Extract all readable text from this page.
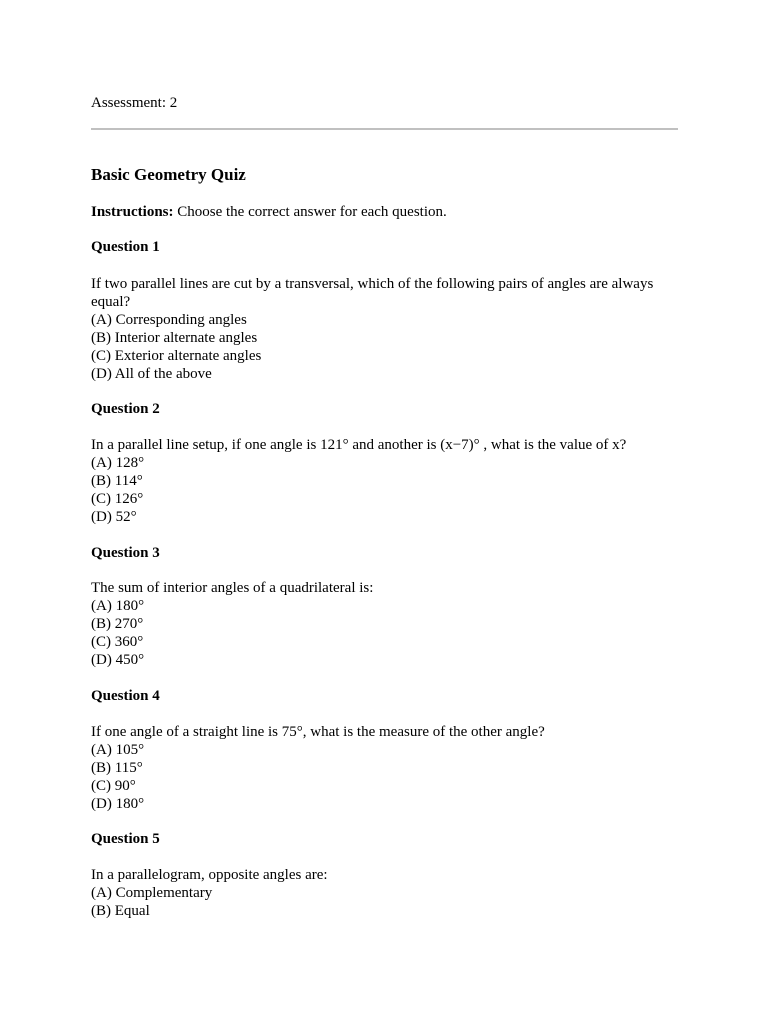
Assessment: 2
Basic Geometry Quiz
Instructions: Choose the correct answer for each question.
Question 1
If two parallel lines are cut by a transversal, which of the following pairs of angles are always equal?
(A) Corresponding angles
(B) Interior alternate angles
(C) Exterior alternate angles
(D) All of the above
Question 2
In a parallel line setup, if one angle is 121° and another is (x−7)° , what is the value of x?
(A) 128°
(B) 114°
(C) 126°
(D) 52°
Question 3
The sum of interior angles of a quadrilateral is:
(A) 180°
(B) 270°
(C) 360°
(D) 450°
Question 4
If one angle of a straight line is 75°, what is the measure of the other angle?
(A) 105°
(B) 115°
(C) 90°
(D) 180°
Question 5
In a parallelogram, opposite angles are:
(A) Complementary
(B) Equal
